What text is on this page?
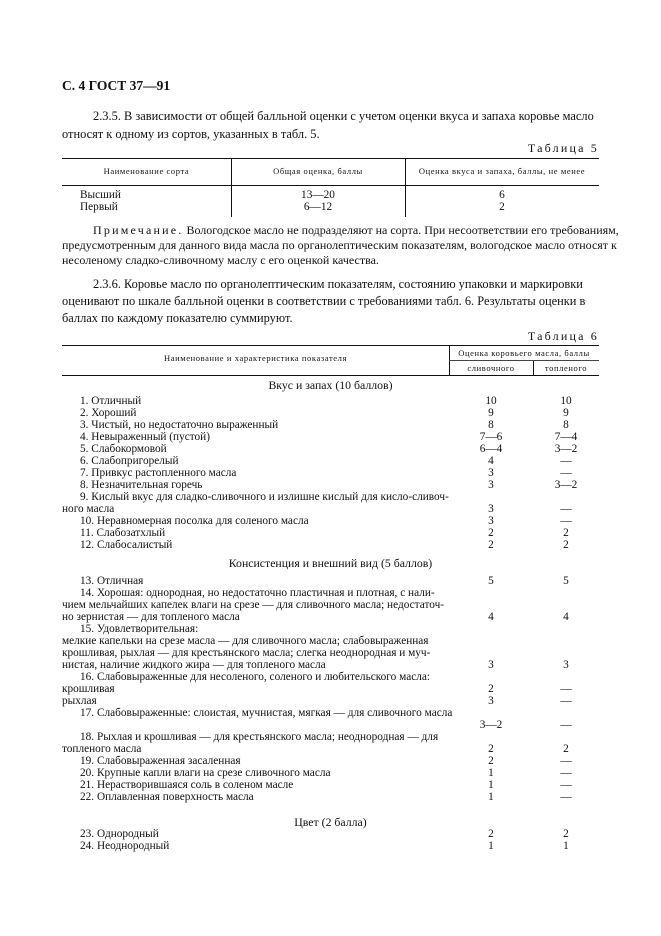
С. 4 ГОСТ 37—91
2.3.5. В зависимости от общей балльной оценки с учетом оценки вкуса и запаха коровье масло
относят к одному из сортов, указанных в табл. 5.
Таблица 5
Наименование сорта	Общая оценка, баллы	Оценка вкуса и запаха, баллы, не менее
Высший	13—20	6
Первый	6—12	2
Примечание. Вологодское масло не подразделяют на сорта. При несоответствии его требованиям,
предусмотренным для данного вида масла по органолептическим показателям, вологодское масло относят к
несоленому сладко-сливочному маслу с его оценкой качества.
2.3.6. Коровье масло по органолептическим показателям, состоянию упаковки и маркировки
оценивают по шкале балльной оценки в соответствии с требованиями табл. 6. Результаты оценки в
баллах по каждому показателю суммируют.
Таблица 6
Наименование и характеристика показателя	Оценка коровьего масла, баллы
сливочного	топленого
Вкус и запах (10 баллов)
Консистенция и внешний вид (5 баллов)
Цвет (2 балла)
1. Отличный	10	10
2. Хороший	9	9
3. Чистый, но недостаточно выраженный	8	8
4. Невыраженный (пустой)	7—6	7—4
5. Слабокормовой	6—4	3—2
6. Слабопригорелый	4	—
7. Привкус растопленного масла	3	—
8. Незначительная горечь	3	3—2
9. Кислый вкус для сладко-сливочного и излишне кислый для кисло-сливоч-
ного масла	3	—
10. Неравномерная посолка для соленого масла	3	—
11. Слабозатхлый	2	2
12. Слабосалистый	2	2
13. Отличная	5	5
14. Хорошая: однородная, но недостаточно пластичная и плотная, с нали-
чием мельчайших капелек влаги на срезе — для сливочного масла; недостаточ-
но зернистая — для топленого масла	4	4
15. Удовлетворительная:
мелкие капельки на срезе масла — для сливочного масла; слабовыраженная
крошливая, рыхлая — для крестьянского масла; слегка неоднородная и муч-
нистая, наличие жидкого жира — для топленого масла	3	3
16. Слабовыраженные для несоленого, соленого и любительского масла:
крошливая	2	—
рыхлая	3	—
17. Слабовыраженные: слоистая, мучнистая, мягкая — для сливочного масла
3—2	—
18. Рыхлая и крошливая — для крестьянского масла; неоднородная — для
топленого масла	2	2
19. Слабовыраженная засаленная	2	—
20. Крупные капли влаги на срезе сливочного масла	1	—
21. Нерастворившаяся соль в соленом масле	1	—
22. Оплавленная поверхность масла	1	—
23. Однородный	2	2
24. Неоднородный	1	1
